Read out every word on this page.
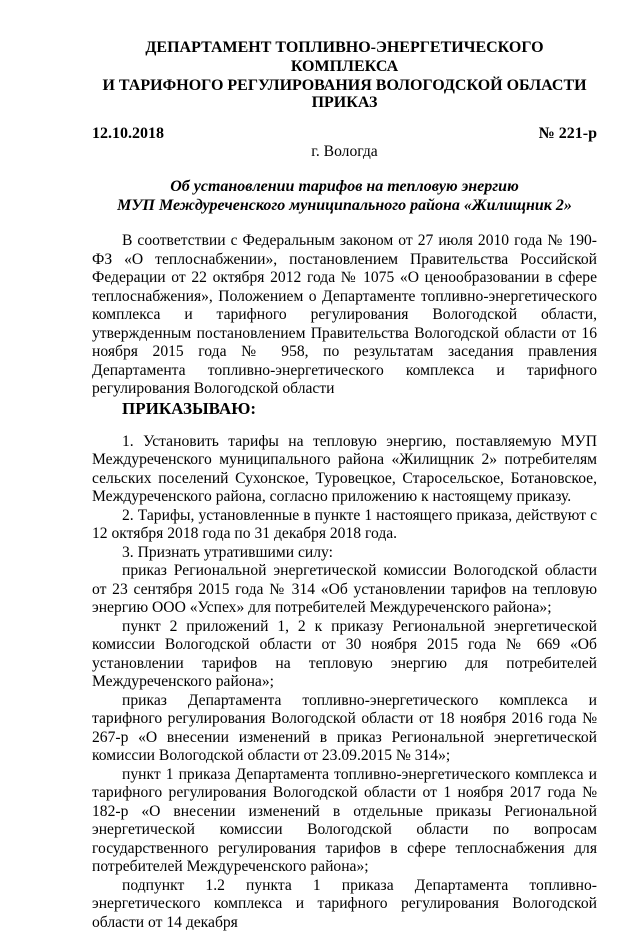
ДЕПАРТАМЕНТ ТОПЛИВНО-ЭНЕРГЕТИЧЕСКОГО КОМПЛЕКСА
И ТАРИФНОГО РЕГУЛИРОВАНИЯ ВОЛОГОДСКОЙ ОБЛАСТИ
ПРИКАЗ
12.10.2018	№ 221-р
г. Вологда
Об установлении тарифов на тепловую энергию
МУП Междуреченского муниципального района «Жилищник 2»

В соответствии с Федеральным законом от 27 июля 2010 года № 190-ФЗ «О теплоснабжении», постановлением Правительства Российской Федерации от 22 октября 2012 года № 1075 «О ценообразовании в сфере теплоснабжения», Положением о Департаменте топливно-энергетического комплекса и тарифного регулирования Вологодской области, утвержденным постановлением Правительства Вологодской области от 16 ноября 2015 года № 958, по результатам заседания правления Департамента топливно-энергетического комплекса и тарифного регулирования Вологодской области

ПРИКАЗЫВАЮ:

1. Установить тарифы на тепловую энергию, поставляемую МУП Междуреченского муниципального района «Жилищник 2» потребителям сельских поселений Сухонское, Туровецкое, Старосельское, Ботановское, Междуреченского района, согласно приложению к настоящему приказу.

2. Тарифы, установленные в пункте 1 настоящего приказа, действуют с 12 октября 2018 года по 31 декабря 2018 года.

3. Признать утратившими силу:

приказ Региональной энергетической комиссии Вологодской области от 23 сентября 2015 года № 314 «Об установлении тарифов на тепловую энергию ООО «Успех» для потребителей Междуреченского района»;

пункт 2 приложений 1, 2 к приказу Региональной энергетической комиссии Вологодской области от 30 ноября 2015 года № 669 «Об установлении тарифов на тепловую энергию для потребителей Междуреченского района»;

приказ Департамента топливно-энергетического комплекса и тарифного регулирования Вологодской области от 18 ноября 2016 года № 267-р «О внесении изменений в приказ Региональной энергетической комиссии Вологодской области от 23.09.2015 № 314»;

пункт 1 приказа Департамента топливно-энергетического комплекса и тарифного регулирования Вологодской области от 1 ноября 2017 года № 182-р «О внесении изменений в отдельные приказы Региональной энергетической комиссии Вологодской области по вопросам государственного регулирования тарифов в сфере теплоснабжения для потребителей Междуреченского района»;

подпункт 1.2 пункта 1 приказа Департамента топливно-энергетического комплекса и тарифного регулирования Вологодской области от 14 декабря
